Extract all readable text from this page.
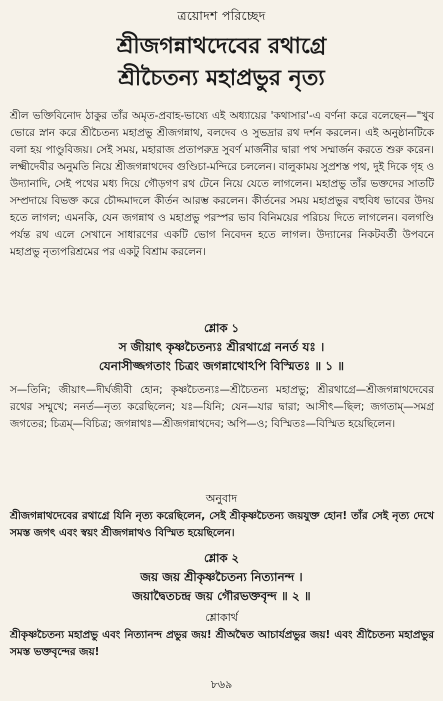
ত্রয়োদশ পরিচ্ছেদ
শ্রীজগন্নাথদেবের রথাগ্রে
শ্রীচৈতন্য মহাপ্রভুর নৃত্য

শ্রীল ভক্তিবিনোদ ঠাকুর তাঁর অমৃত-প্রবাহ-ভাষ্যে এই অধ্যায়ের 'কথাসার'-এ বর্ণনা করে বলেছেন—"খুব ভোরে স্নান করে শ্রীচৈতন্য মহাপ্রভু শ্রীজগন্নাথ, বলদেব ও সুভদ্রার রথ দর্শন করলেন। এই অনুষ্ঠানটিকে বলা হয় পাণ্ডুবিজয়। সেই সময়, মহারাজ প্রতাপরুদ্র সুবর্ণ মার্জনীর দ্বারা পথ সম্মার্জন করতে শুরু করেন। লক্ষ্মীদেবীর অনুমতি নিয়ে শ্রীজগন্নাথদেব গুণ্ডিচা-মন্দিরে চললেন। বালুকাময় সুপ্রশস্ত পথ, দুই দিকে গৃহ ও উদ্যানাদি, সেই পথের মধ্য দিয়ে গৌড়গণ রথ টেনে নিয়ে যেতে লাগলেন। মহাপ্রভু তাঁর ভক্তদের সাতটি সম্প্রদায়ে বিভক্ত করে চৌদ্দমাদলে কীর্তন আরম্ভ করলেন। কীর্তনের সময় মহাপ্রভুর বহুবিধ ভাবের উদয় হতে লাগল; এমনকি, যেন জগন্নাথ ও মহাপ্রভু পরস্পর ভাব বিনিময়ের পরিচয় দিতে লাগলেন। বলগণ্ডি পর্যন্ত রথ এলে সেখানে সাধারণের একটি ভোগ নিবেদন হতে লাগল। উদ্যানের নিকটবর্তী উপবনে মহাপ্রভু নৃত্যপরিশ্রমের পর একটু বিশ্রাম করলেন।

শ্লোক ১
স জীয়াৎ কৃষ্ণচৈতন্যঃ শ্রীরথাগ্রে ননর্ত যঃ ।
যেনাসীজ্জগতাং চিত্রং জগন্নাথোঽপি বিস্মিতঃ ॥ ১ ॥

স—তিনি; জীয়াৎ—দীর্ঘজীবী হোন; কৃষ্ণচৈতন্যঃ—শ্রীচৈতন্য মহাপ্রভু; শ্রীরথাগ্রে—শ্রীজগন্নাথদেবের রথের সম্মুখে; ননর্ত—নৃত্য করেছিলেন; যঃ—যিনি; যেন—যার দ্বারা; আসীৎ—ছিল; জগতাম্—সমগ্র জগতের; চিত্রম্—বিচিত্র; জগন্নাথঃ—শ্রীজগন্নাথদেব; অপি—ও; বিস্মিতঃ—বিস্মিত হয়েছিলেন।

অনুবাদ

শ্রীজগন্নাথদেবের রথাগ্রে যিনি নৃত্য করেছিলেন, সেই শ্রীকৃষ্ণচৈতন্য জয়যুক্ত হোন! তাঁর সেই নৃত্য দেখে সমস্ত জগৎ এবং স্বয়ং শ্রীজগন্নাথও বিস্মিত হয়েছিলেন।

শ্লোক ২
জয় জয় শ্রীকৃষ্ণচৈতন্য নিত্যানন্দ ।
জয়াদ্বৈতচন্দ্র জয় গৌরভক্তবৃন্দ ॥ ২ ॥
শ্লোকার্থ

শ্রীকৃষ্ণচৈতন্য মহাপ্রভু এবং নিত্যানন্দ প্রভুর জয়! শ্রীঅদ্বৈত আচার্যপ্রভুর জয়! এবং শ্রীচৈতন্য মহাপ্রভুর সমস্ত ভক্তবৃন্দের জয়!

৮৬৯
